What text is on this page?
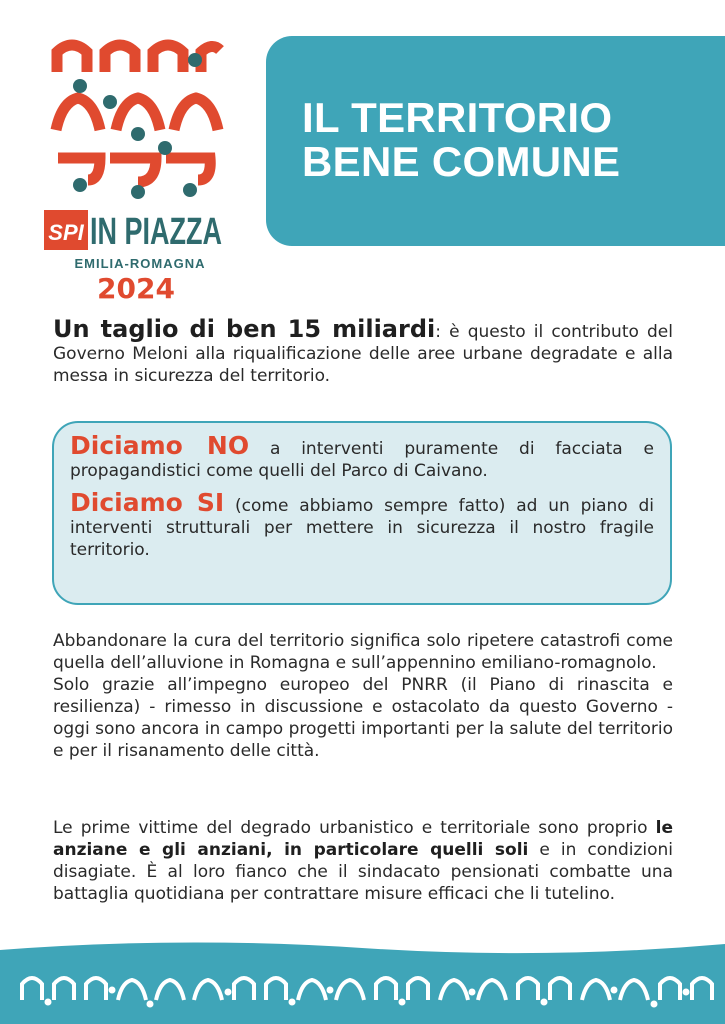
SPI IN PIAZZA
EMILIA-ROMAGNA
2024
IL TERRITORIO
BENE COMUNE
Un taglio di ben 15 miliardi: è questo il contributo del Governo Meloni alla riqualificazione delle aree urbane degradate e alla messa in sicurezza del territorio.

Diciamo NO a interventi puramente di facciata e propagandistici come quelli del Parco di Caivano.

Diciamo SI (come abbiamo sempre fatto) ad un piano di interventi strutturali per mettere in sicurezza il nostro fragile territorio.

Abbandonare la cura del territorio significa solo ripetere catastrofi come quella dell’alluvione in Romagna e sull’appennino emiliano-romagnolo.
Solo grazie all’impegno europeo del PNRR (il Piano di rinascita e resilienza) - rimesso in discussione e ostacolato da questo Governo - oggi sono ancora in campo progetti importanti per la salute del territorio e per il risanamento delle città.
Le prime vittime del degrado urbanistico e territoriale sono proprio le anziane e gli anziani, in particolare quelli soli e in condizioni disagiate. È al loro fianco che il sindacato pensionati combatte una battaglia quotidiana per contrattare misure efficaci che li tutelino.
